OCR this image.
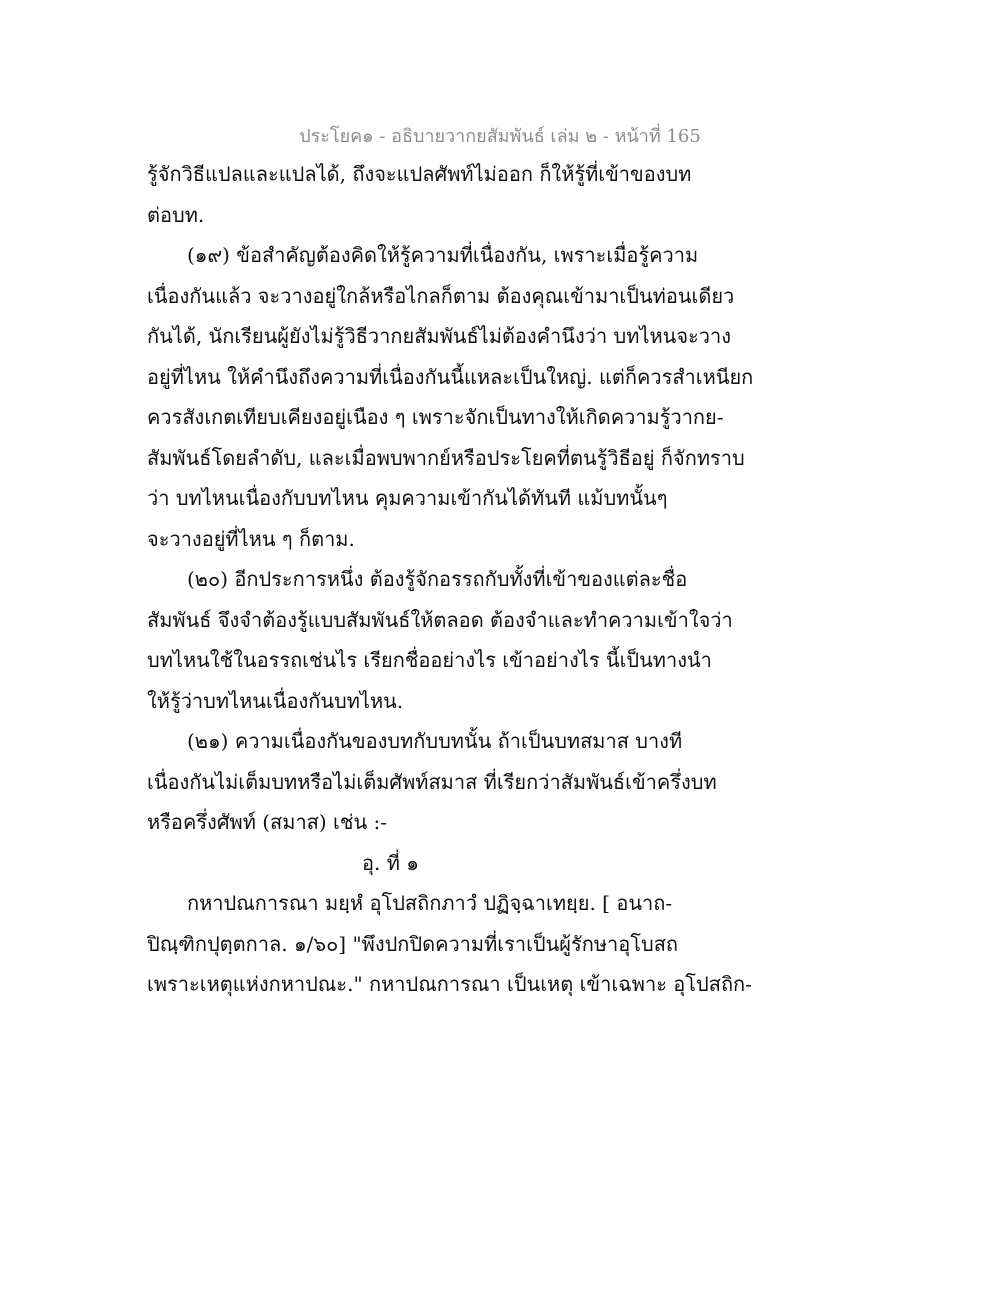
ประโยค๑ - อธิบายวากยสัมพันธ์ เล่ม ๒ - หน้าที่ 165
รู้จักวิธีแปลและแปลได้, ถึงจะแปลศัพท์ไม่ออก ก็ให้รู้ที่เข้าของบท
ต่อบท.
(๑๙) ข้อสำคัญต้องคิดให้รู้ความที่เนื่องกัน, เพราะเมื่อรู้ความ
เนื่องกันแล้ว จะวางอยู่ใกล้หรือไกลก็ตาม ต้องคุณเข้ามาเป็นท่อนเดียว
กันได้, นักเรียนผู้ยังไม่รู้วิธีวากยสัมพันธ์ไม่ต้องคำนึงว่า บทไหนจะวาง
อยู่ที่ไหน ให้คำนึงถึงความที่เนื่องกันนี้แหละเป็นใหญ่. แต่ก็ควรสำเหนียก
ควรสังเกตเทียบเคียงอยู่เนือง ๆ เพราะจักเป็นทางให้เกิดความรู้วากย-
สัมพันธ์โดยลำดับ, และเมื่อพบพากย์หรือประโยคที่ตนรู้วิธีอยู่ ก็จักทราบ
ว่า บทไหนเนื่องกับบทไหน คุมความเข้ากันได้ทันที แม้บทนั้นๆ
จะวางอยู่ที่ไหน ๆ ก็ตาม.
(๒๐) อีกประการหนึ่ง ต้องรู้จักอรรถกับทั้งที่เข้าของแต่ละชื่อ
สัมพันธ์ จึงจำต้องรู้แบบสัมพันธ์ให้ตลอด ต้องจำและทำความเข้าใจว่า
บทไหนใช้ในอรรถเช่นไร เรียกชื่ออย่างไร เข้าอย่างไร นี้เป็นทางนำ
ให้รู้ว่าบทไหนเนื่องกันบทไหน.
(๒๑) ความเนื่องกันของบทกับบทนั้น ถ้าเป็นบทสมาส บางที
เนื่องกันไม่เต็มบทหรือไม่เต็มศัพท์สมาส ที่เรียกว่าสัมพันธ์เข้าครึ่งบท
หรือครึ่งศัพท์ (สมาส) เช่น :-
อุ. ที่ ๑
กหาปณการณา มยฺหํ อุโปสถิกภาวํ ปฏิจฺฉาเทยฺย. [ อนาถ-
ปิณฺฑิกปุตฺตกาล. ๑/๖๐] "พึงปกปิดความที่เราเป็นผู้รักษาอุโบสถ
เพราะเหตุแห่งกหาปณะ." กหาปณการณา เป็นเหตุ เข้าเฉพาะ อุโปสถิก-
